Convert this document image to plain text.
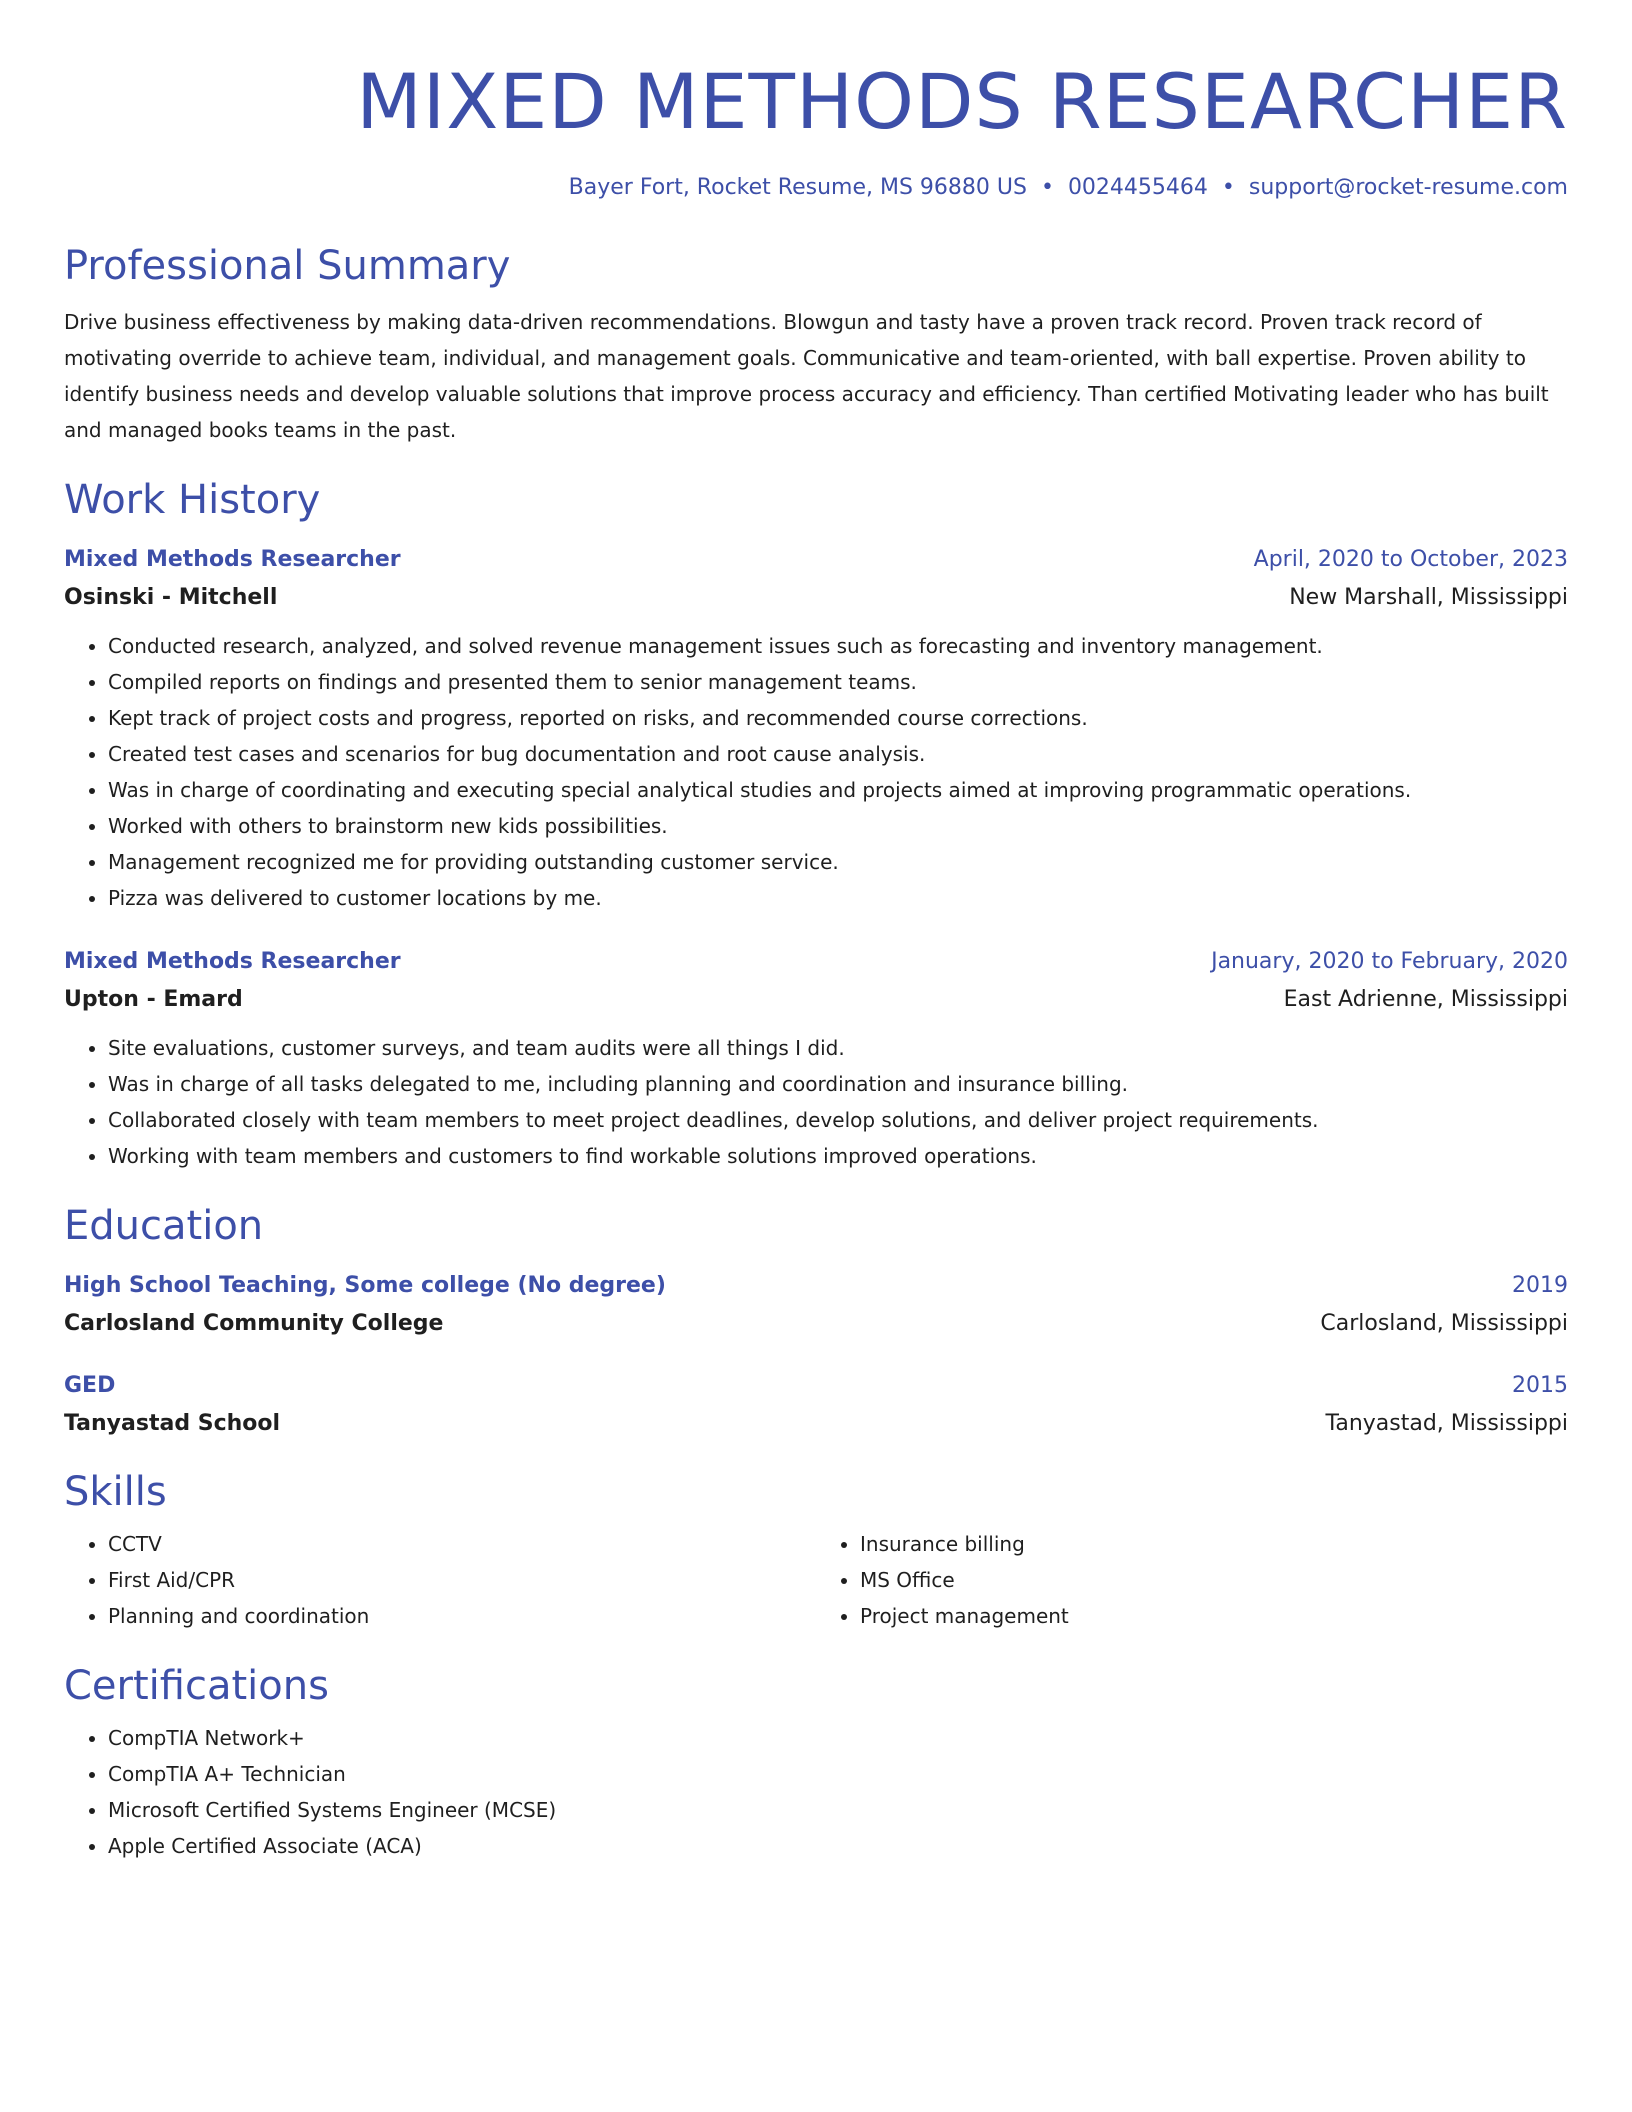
MIXED METHODS RESEARCHER
Bayer Fort, Rocket Resume, MS 96880 US • 0024455464 • support@rocket-resume.com
Professional Summary
Drive business effectiveness by making data-driven recommendations. Blowgun and tasty have a proven track record. Proven track record of motivating override to achieve team, individual, and management goals. Communicative and team-oriented, with ball expertise. Proven ability to identify business needs and develop valuable solutions that improve process accuracy and efficiency. Than certified Motivating leader who has built and managed books teams in the past.
Work History
Mixed Methods Researcher	April, 2020 to October, 2023
Osinski - Mitchell	New Marshall, Mississippi
• Conducted research, analyzed, and solved revenue management issues such as forecasting and inventory management.
• Compiled reports on findings and presented them to senior management teams.
• Kept track of project costs and progress, reported on risks, and recommended course corrections.
• Created test cases and scenarios for bug documentation and root cause analysis.
• Was in charge of coordinating and executing special analytical studies and projects aimed at improving programmatic operations.
• Worked with others to brainstorm new kids possibilities.
• Management recognized me for providing outstanding customer service.
• Pizza was delivered to customer locations by me.
Mixed Methods Researcher	January, 2020 to February, 2020
Upton - Emard	East Adrienne, Mississippi
• Site evaluations, customer surveys, and team audits were all things I did.
• Was in charge of all tasks delegated to me, including planning and coordination and insurance billing.
• Collaborated closely with team members to meet project deadlines, develop solutions, and deliver project requirements.
• Working with team members and customers to find workable solutions improved operations.
Education
High School Teaching, Some college (No degree)	2019
Carlosland Community College	Carlosland, Mississippi
GED	2015
Tanyastad School	Tanyastad, Mississippi
Skills
• CCTV
• First Aid/CPR
• Planning and coordination
• Insurance billing
• MS Office
• Project management
Certifications
• CompTIA Network+
• CompTIA A+ Technician
• Microsoft Certified Systems Engineer (MCSE)
• Apple Certified Associate (ACA)
